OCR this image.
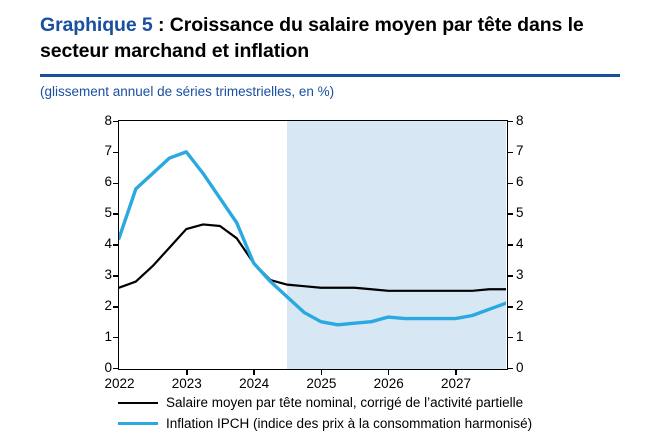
Graphique 5 : Croissance du salaire moyen par tête dans le secteur marchand et inflation
(glissement annuel de séries trimestrielles, en %)
0	0
1	1
2	2
3	3
4	4
5	5
6	6
7	7
8	8
2022	2023	2024	2025	2026	2027
Salaire moyen par tête nominal, corrigé de l’activité partielle
Inflation IPCH (indice des prix à la consommation harmonisé)
